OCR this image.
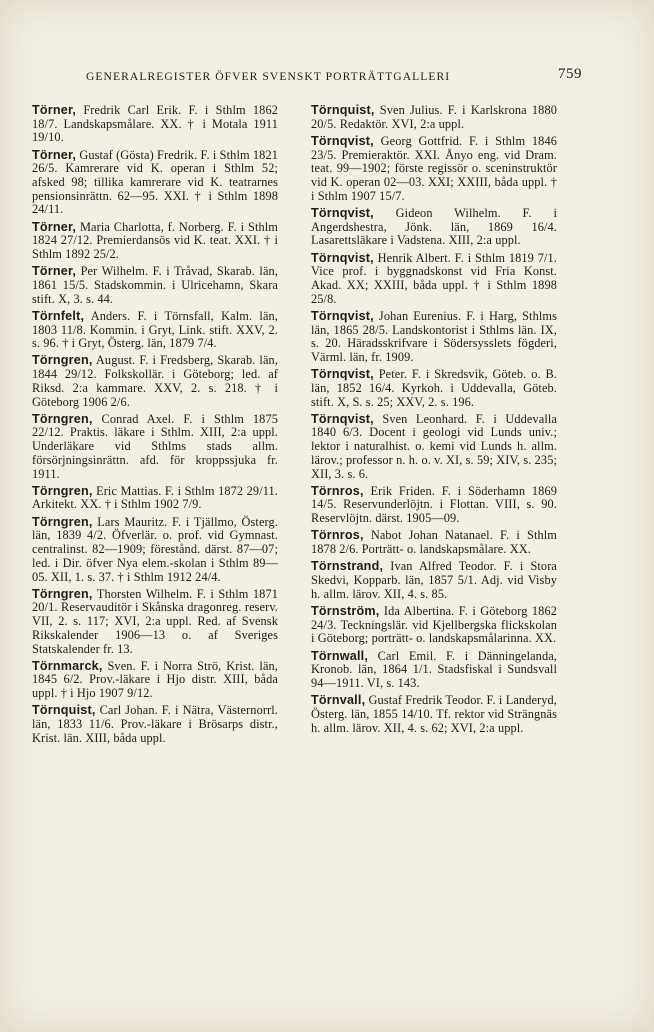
GENERALREGISTER ÖFVER SVENSKT PORTRÄTTGALLERI	759

Törner, Fredrik Carl Erik. F. i Sthlm 1862 18/7. Landskapsmålare. XX. † i Motala 1911 19/10.

Törner, Gustaf (Gösta) Fredrik. F. i Sthlm 1821 26/5. Kamrerare vid K. operan i Sthlm 52; afsked 98; tillika kamrerare vid K. teatrarnes pensionsinrättn. 62—95. XXI. † i Sthlm 1898 24/11.

Törner, Maria Charlotta, f. Norberg. F. i Sthlm 1824 27/12. Premierdansös vid K. teat. XXI. † i Sthlm 1892 25/2.

Törner, Per Wilhelm. F. i Tråvad, Skarab. län, 1861 15/5. Stadskommin. i Ulricehamn, Skara stift. X, 3. s. 44.

Törnfelt, Anders. F. i Törnsfall, Kalm. län, 1803 11/8. Kommin. i Gryt, Link. stift. XXV, 2. s. 96. † i Gryt, Österg. län, 1879 7/4.

Törngren, August. F. i Fredsberg, Skarab. län, 1844 29/12. Folkskollär. i Göteborg; led. af Riksd. 2:a kammare. XXV, 2. s. 218. † i Göteborg 1906 2/6.

Törngren, Conrad Axel. F. i Sthlm 1875 22/12. Praktis. läkare i Sthlm. XIII, 2:a uppl. Underläkare vid Sthlms stads allm. försörjningsinrättn. afd. för kroppssjuka fr. 1911.

Törngren, Eric Mattias. F. i Sthlm 1872 29/11. Arkitekt. XX. † i Sthlm 1902 7/9.

Törngren, Lars Mauritz. F. i Tjällmo, Österg. län, 1839 4/2. Öfverlär. o. prof. vid Gymnast. centralinst. 82—1909; förestånd. därst. 87—07; led. i Dir. öfver Nya elem.-skolan i Sthlm 89—05. XII, 1. s. 37. † i Sthlm 1912 24/4.

Törngren, Thorsten Wilhelm. F. i Sthlm 1871 20/1. Reservauditör i Skånska dragonreg. reserv. VII, 2. s. 117; XVI, 2:a uppl. Red. af Svensk Rikskalender 1906—13 o. af Sveriges Statskalender fr. 13.

Törnmarck, Sven. F. i Norra Strö, Krist. län, 1845 6/2. Prov.-läkare i Hjo distr. XIII, båda uppl. † i Hjo 1907 9/12.

Törnquist, Carl Johan. F. i Nätra, Västernorrl. län, 1833 11/6. Prov.-läkare i Brösarps distr., Krist. län. XIII, båda uppl.

Törnquist, Sven Julius. F. i Karlskrona 1880 20/5. Redaktör. XVI, 2:a uppl.

Törnqvist, Georg Gottfrid. F. i Sthlm 1846 23/5. Premieraktör. XXI. Ånyo eng. vid Dram. teat. 99—1902; förste regissör o. sceninstruktör vid K. operan 02—03. XXI; XXIII, båda uppl. † i Sthlm 1907 15/7.

Törnqvist, Gideon Wilhelm. F. i Angerdshestra, Jönk. län, 1869 16/4. Lasarettsläkare i Vadstena. XIII, 2:a uppl.

Törnqvist, Henrik Albert. F. i Sthlm 1819 7/1. Vice prof. i byggnadskonst vid Fria Konst. Akad. XX; XXIII, båda uppl. † i Sthlm 1898 25/8.

Törnqvist, Johan Eurenius. F. i Harg, Sthlms län, 1865 28/5. Landskontorist i Sthlms län. IX, s. 20. Häradsskrifvare i Södersysslets fögderi, Värml. län, fr. 1909.

Törnqvist, Peter. F. i Skredsvik, Göteb. o. B. län, 1852 16/4. Kyrkoh. i Uddevalla, Göteb. stift. X, S. s. 25; XXV, 2. s. 196.

Törnqvist, Sven Leonhard. F. i Uddevalla 1840 6/3. Docent i geologi vid Lunds univ.; lektor i naturalhist. o. kemi vid Lunds h. allm. lärov.; professor n. h. o. v. XI, s. 59; XIV, s. 235; XII, 3. s. 6.

Törnros, Erik Friden. F. i Söderhamn 1869 14/5. Reservunderlöjtn. i Flottan. VIII, s. 90. Reservlöjtn. därst. 1905—09.

Törnros, Nabot Johan Natanael. F. i Sthlm 1878 2/6. Porträtt- o. landskapsmålare. XX.

Törnstrand, Ivan Alfred Teodor. F. i Stora Skedvi, Kopparb. län, 1857 5/1. Adj. vid Visby h. allm. lärov. XII, 4. s. 85.

Törnström, Ida Albertina. F. i Göteborg 1862 24/3. Teckningslär. vid Kjellbergska flickskolan i Göteborg; porträtt- o. landskapsmålarinna. XX.

Törnwall, Carl Emil. F. i Dänningelanda, Kronob. län, 1864 1/1. Stadsfiskal i Sundsvall 94—1911. VI, s. 143.

Törnvall, Gustaf Fredrik Teodor. F. i Landeryd, Österg. län, 1855 14/10. Tf. rektor vid Strängnäs h. allm. lärov. XII, 4. s. 62; XVI, 2:a uppl.
